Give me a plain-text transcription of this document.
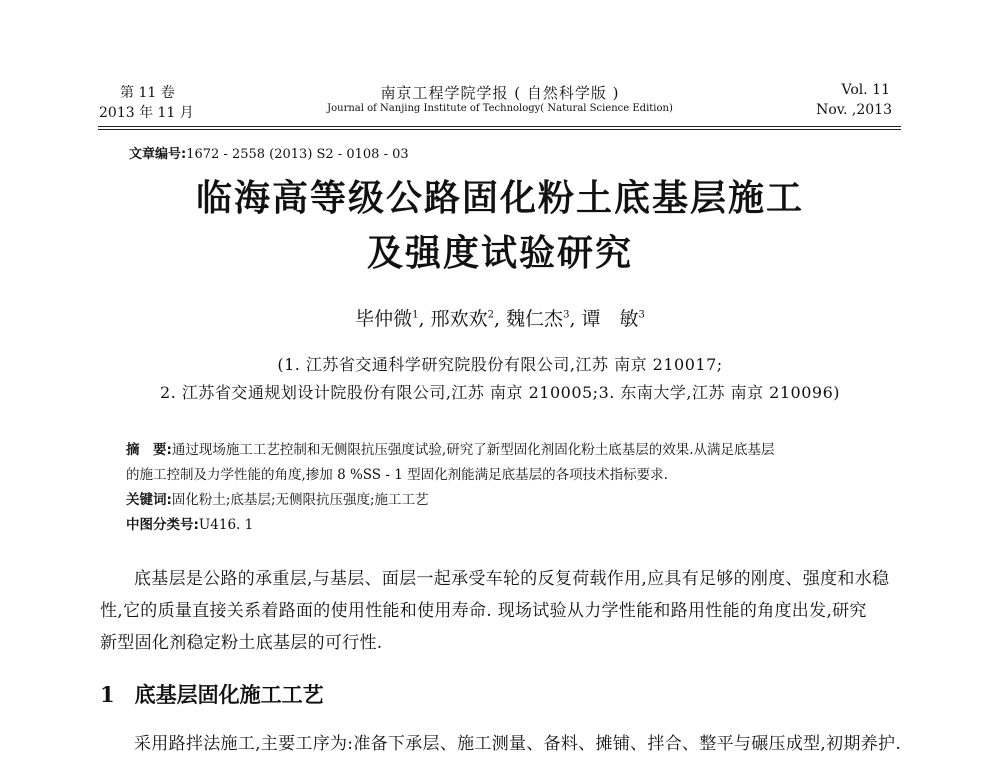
第 11 卷
2013 年 11 月
南京工程学院学报 ( 自然科学版 )
Journal of Nanjing Institute of Technology( Natural Science Edition)
Vol. 11
Nov. ,2013
文章编号:1672 - 2558 (2013) S2 - 0108 - 03
临海高等级公路固化粉土底基层施工
及强度试验研究
毕仲微$^1$, 邢欢欢$^2$, 魏仁杰$^3$, 谭　敏$^3$
(1. 江苏省交通科学研究院股份有限公司,江苏 南京 210017;
2. 江苏省交通规划设计院股份有限公司,江苏 南京 210005;3. 东南大学,江苏 南京 210096)
摘　要:通过现场施工工艺控制和无侧限抗压强度试验,研究了新型固化剂固化粉土底基层的效果.从满足底基层
的施工控制及力学性能的角度,掺加 8 %SS - 1 型固化剂能满足底基层的各项技术指标要求.
关键词:固化粉土;底基层;无侧限抗压强度;施工工艺
中图分类号:U416. 1
底基层是公路的承重层,与基层、面层一起承受车轮的反复荷载作用,应具有足够的刚度、强度和水稳
性,它的质量直接关系着路面的使用性能和使用寿命. 现场试验从力学性能和路用性能的角度出发,研究
新型固化剂稳定粉土底基层的可行性.
1 底基层固化施工工艺
采用路拌法施工,主要工序为:准备下承层、施工测量、备料、摊铺、拌合、整平与碾压成型,初期养护.
